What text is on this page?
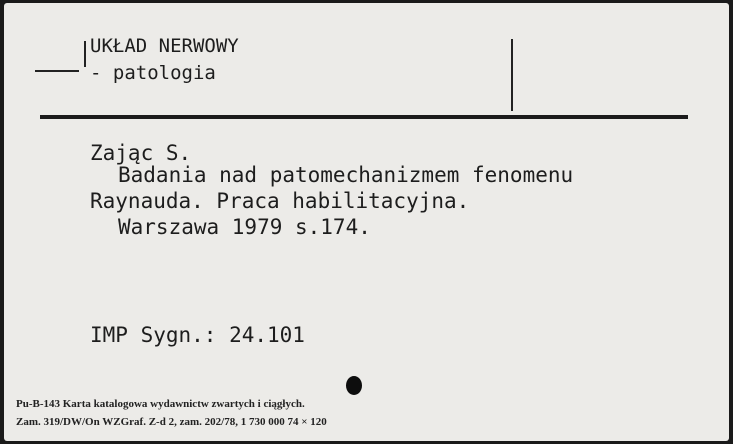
UKŁAD NERWOWY
- patologia
Zając S.
Badania nad patomechanizmem fenomenu
Raynauda. Praca habilitacyjna.
Warszawa 1979 s.174.
IMP Sygn.: 24.101
Pu-B-143 Karta katalogowa wydawnictw zwartych i ciągłych.
Zam. 319/DW/On WZGraf. Z-d 2, zam. 202/78, 1 730 000 74 × 120
